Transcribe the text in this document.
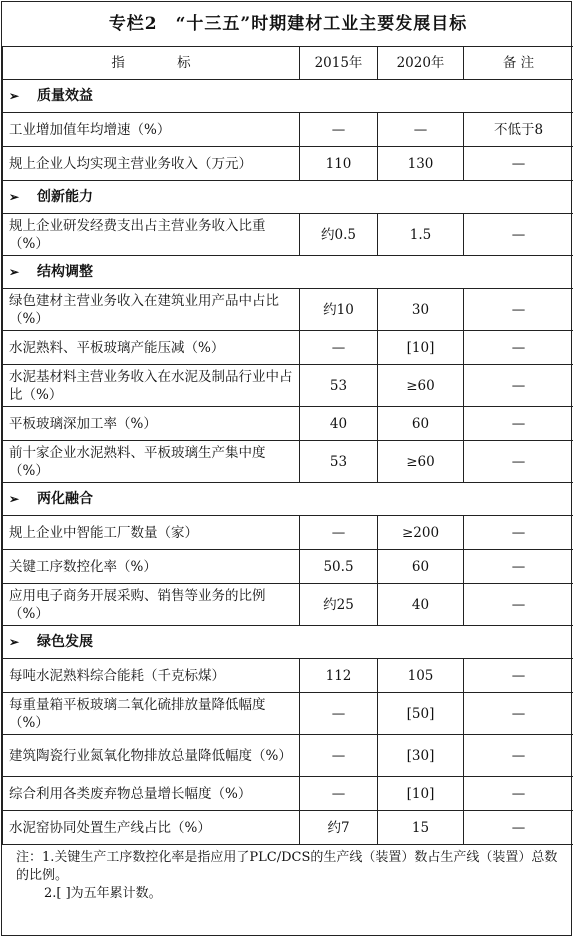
专栏2　“十三五”时期建材工业主要发展目标			
指 标	2015年	2020年	备 注
➢ 质量效益			
工业增加值年均增速（%）	—	—	不低于8
规上企业人均实现主营业务收入（万元）	110	130	—
➢ 创新能力			
规上企业研发经费支出占主营业务收入比重（%）	约0.5	1.5	—
➢ 结构调整			
绿色建材主营业务收入在建筑业用产品中占比（%）	约10	30	—
水泥熟料、平板玻璃产能压减（%）	—	[10]	—
水泥基材料主营业务收入在水泥及制品行业中占比（%）	53	≥60	—
平板玻璃深加工率（%）	40	60	—
前十家企业水泥熟料、平板玻璃生产集中度（%）	53	≥60	—
➢ 两化融合			
规上企业中智能工厂数量（家）	—	≥200	—
关键工序数控化率（%）	50.5	60	—
应用电子商务开展采购、销售等业务的比例（%）	约25	40	—
➢ 绿色发展			
每吨水泥熟料综合能耗（千克标煤）	112	105	—
每重量箱平板玻璃二氧化硫排放量降低幅度（%）	—	[50]	—
建筑陶瓷行业氮氧化物排放总量降低幅度（%）	—	[30]	—
综合利用各类废弃物总量增长幅度（%）	—	[10]	—
水泥窑协同处置生产线占比（%）	约7	15	—

注：1.关键生产工序数控化率是指应用了PLC/DCS的生产线（装置）数占生产线（装置）总数的比例。

2.[ ]为五年累计数。
